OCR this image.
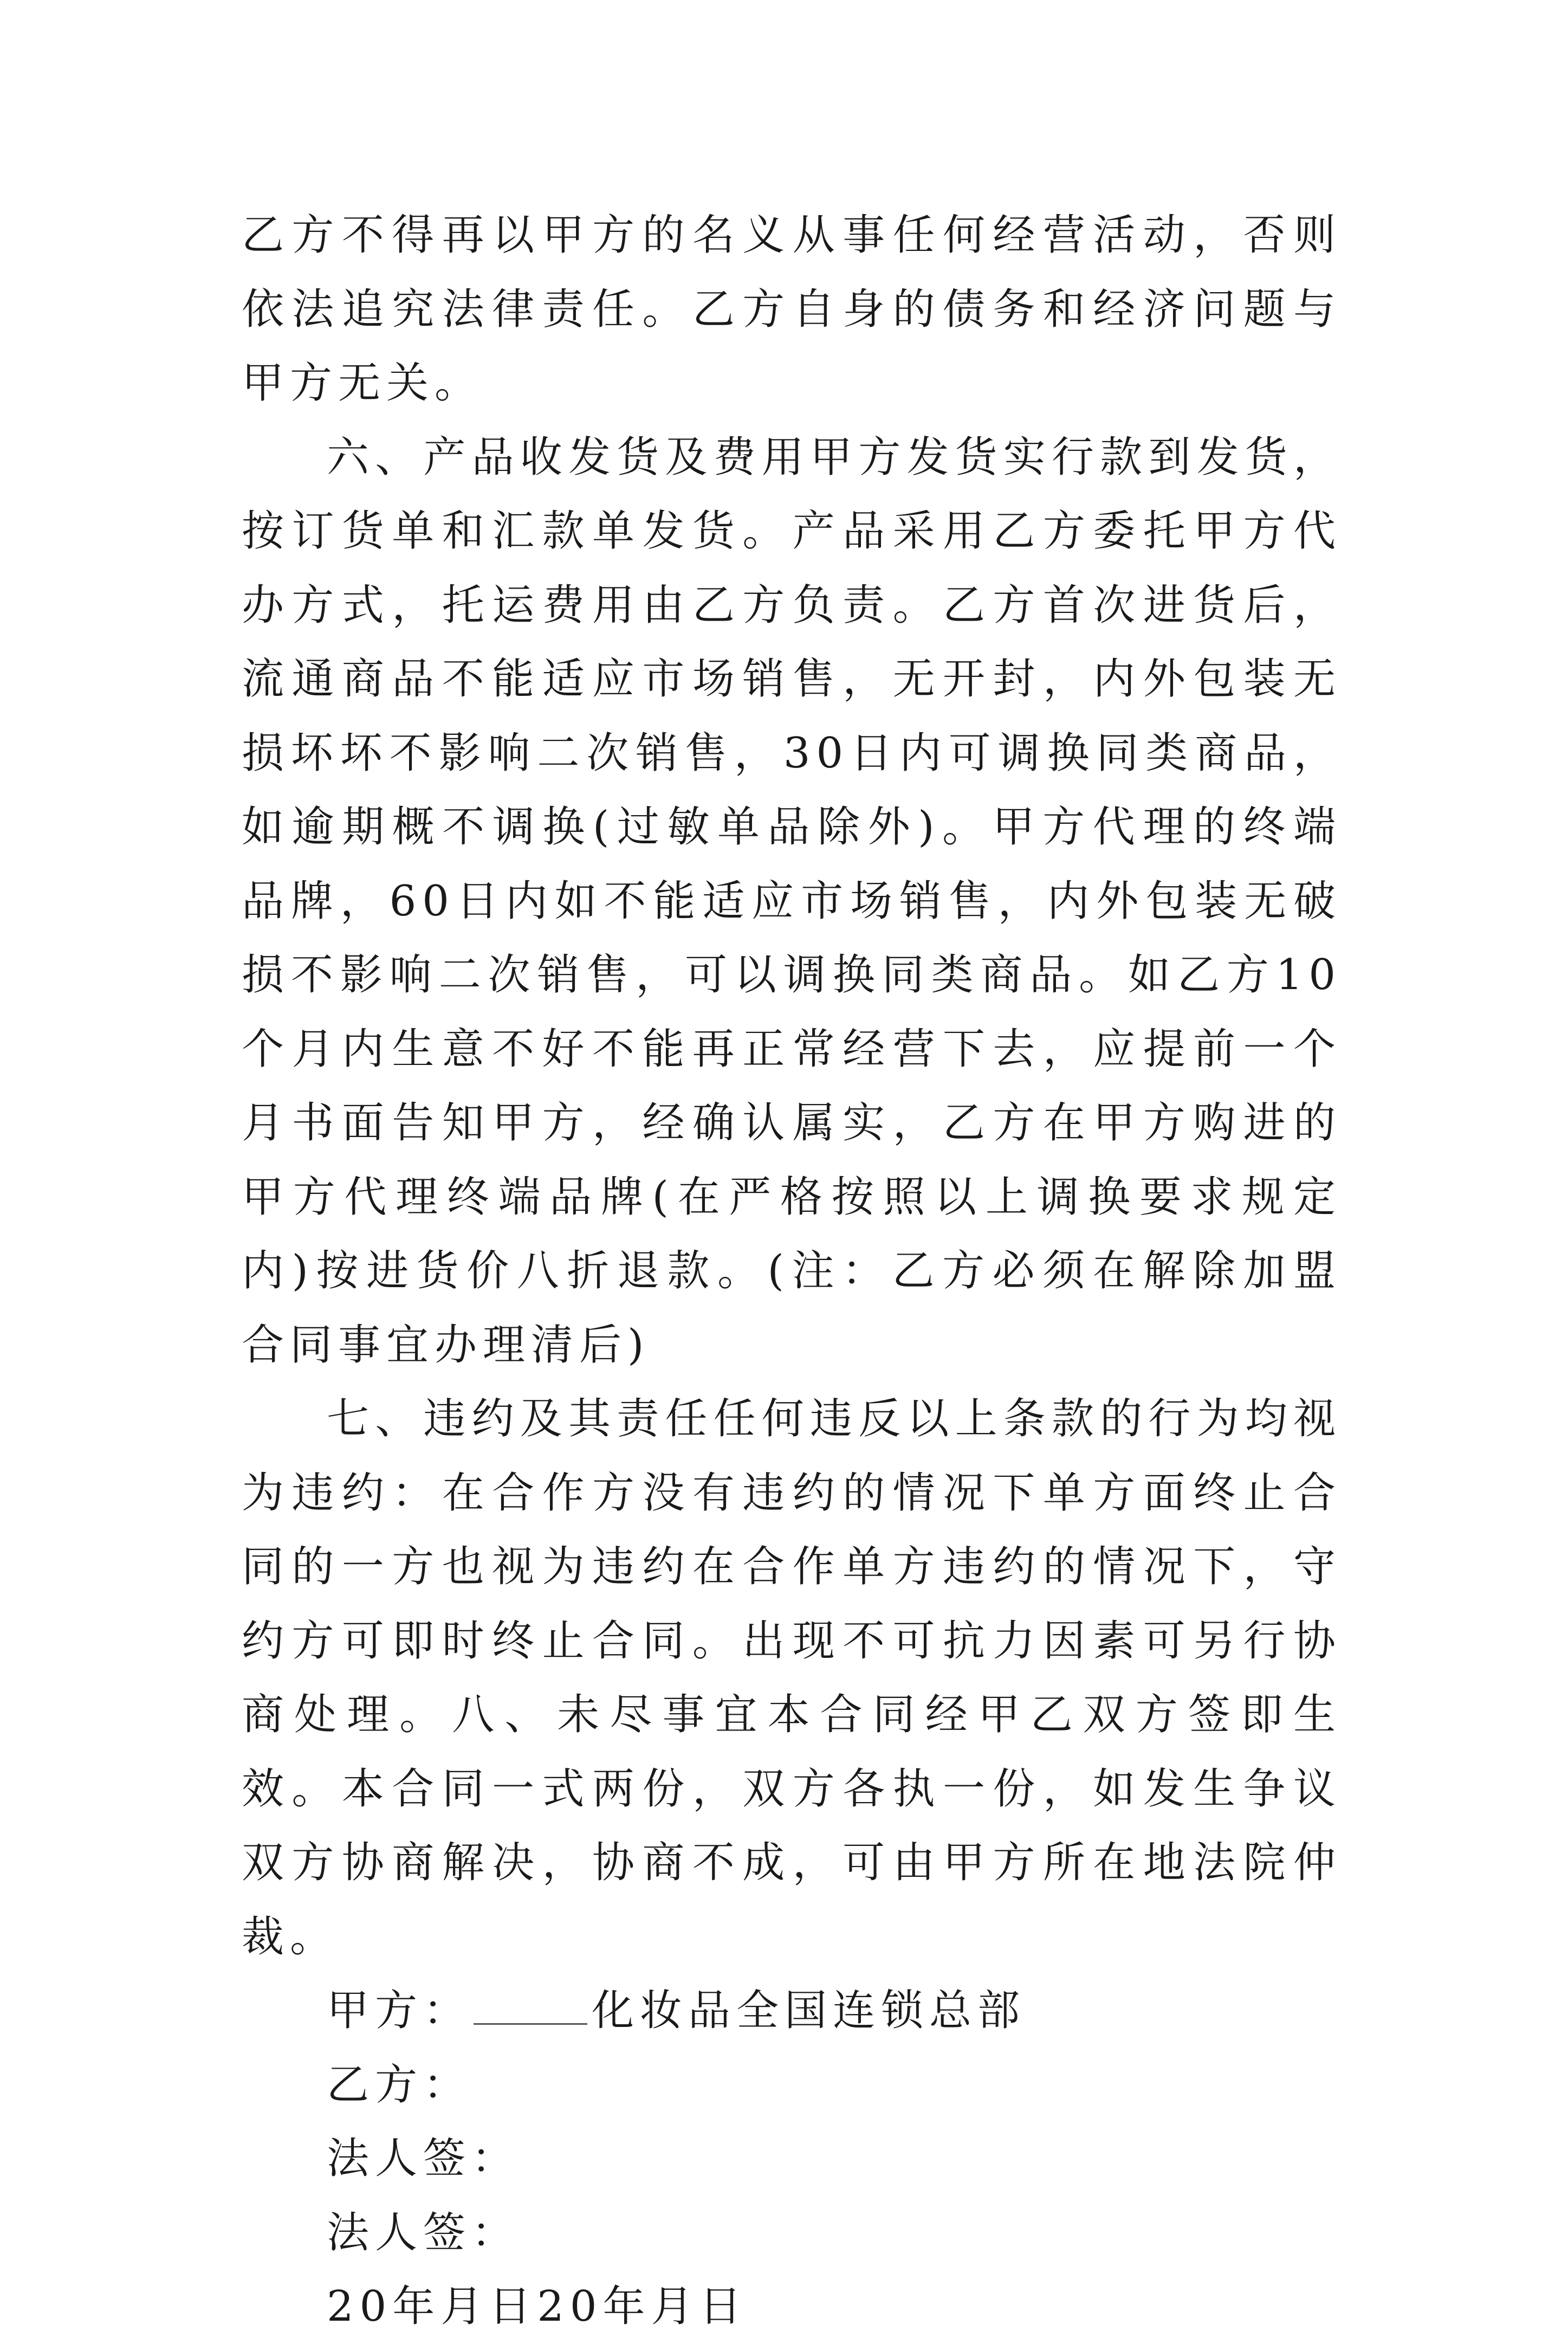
乙方不得再以甲方的名义从事任何经营活动，否则依法追究法律责任。乙方自身的债务和经济问题与甲方无关。

六、产品收发货及费用甲方发货实行款到发货，按订货单和汇款单发货。产品采用乙方委托甲方代办方式，托运费用由乙方负责。乙方首次进货后，流通商品不能适应市场销售，无开封，内外包装无损坏坏不影响二次销售，30日内可调换同类商品，如逾期概不调换(过敏单品除外)。甲方代理的终端品牌，60日内如不能适应市场销售，内外包装无破损不影响二次销售，可以调换同类商品。如乙方10个月内生意不好不能再正常经营下去，应提前一个月书面告知甲方，经确认属实，乙方在甲方购进的甲方代理终端品牌(在严格按照以上调换要求规定内)按进货价八折退款。(注：乙方必须在解除加盟合同事宜办理清后)

七、违约及其责任任何违反以上条款的行为均视为违约：在合作方没有违约的情况下单方面终止合同的一方也视为违约在合作单方违约的情况下，守约方可即时终止合同。出现不可抗力因素可另行协商处理。八、未尽事宜本合同经甲乙双方签即生效。本合同一式两份，双方各执一份，如发生争议双方协商解决，协商不成，可由甲方所在地法院仲裁。

甲方：	化妆品全国连锁总部
乙方：
法人签：
法人签：
20年月日20年月日
